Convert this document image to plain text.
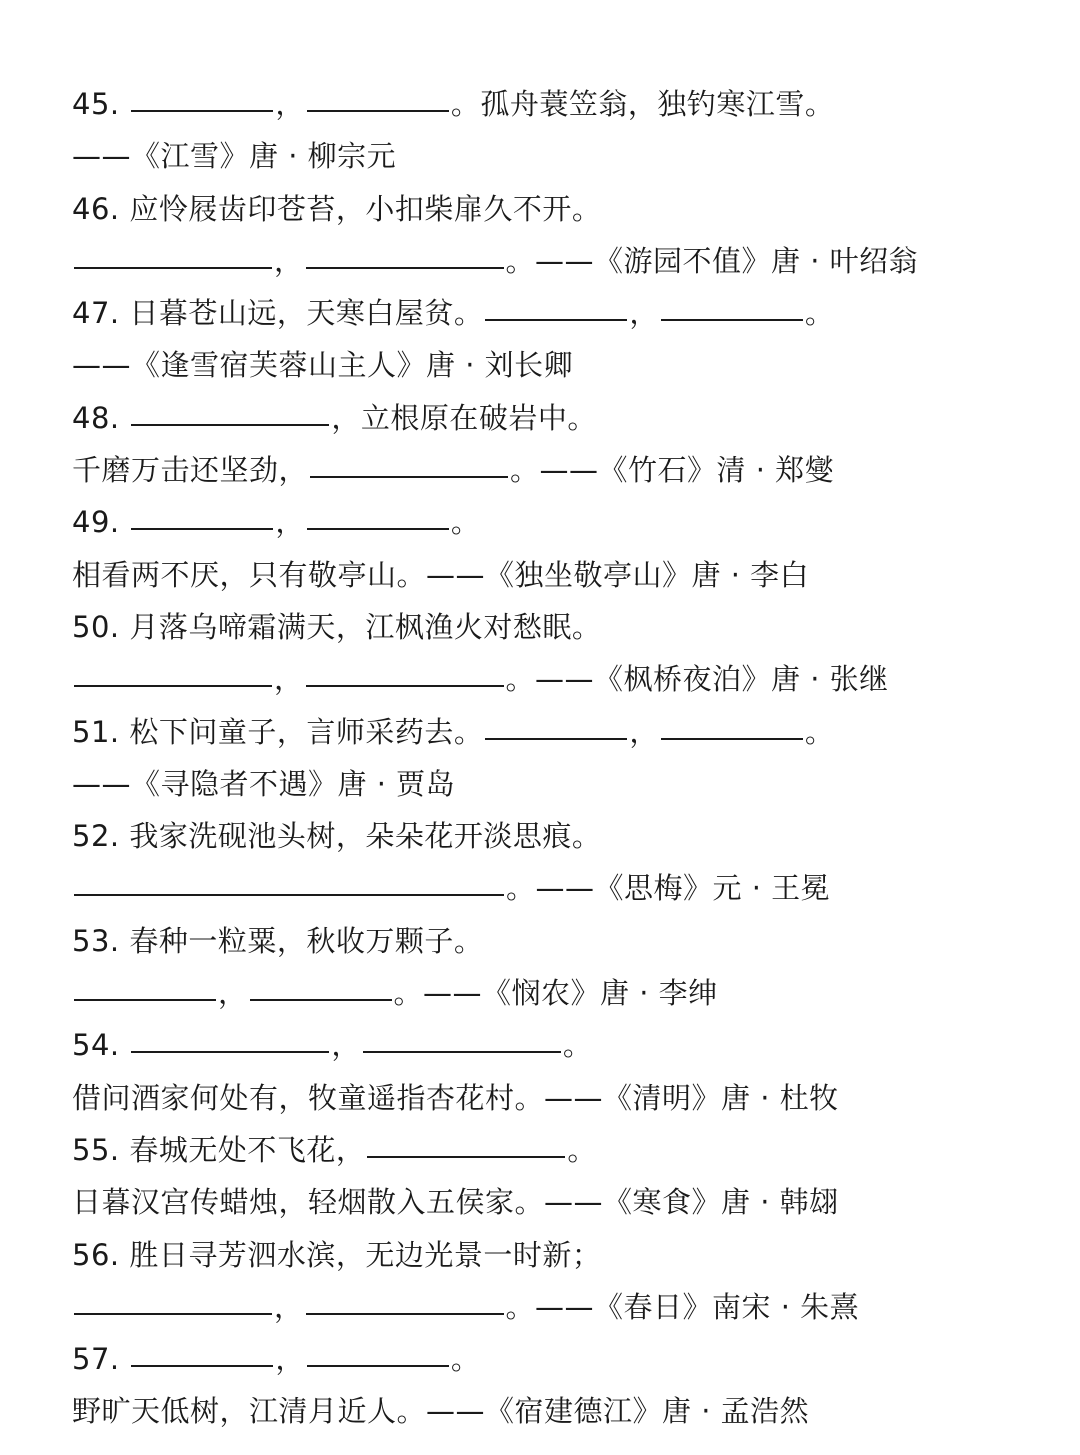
45.	，	。孤舟蓑笠翁，独钓寒江雪。
——《江雪》唐 · 柳宗元
46. 应怜屐齿印苍苔，小扣柴扉久不开。
，	。——《游园不值》唐 · 叶绍翁
47. 日暮苍山远，天寒白屋贫。	，	。
——《逢雪宿芙蓉山主人》唐 · 刘长卿
48.	，立根原在破岩中。
千磨万击还坚劲，	。——《竹石》清 · 郑燮
49.	，	。
相看两不厌，只有敬亭山。——《独坐敬亭山》唐 · 李白
50. 月落乌啼霜满天，江枫渔火对愁眠。
，	。——《枫桥夜泊》唐 · 张继
51. 松下问童子，言师采药去。	，	。
——《寻隐者不遇》唐 · 贾岛
52. 我家洗砚池头树，朵朵花开淡思痕。
。——《思梅》元 · 王冕
53. 春种一粒粟，秋收万颗子。
，	。——《悯农》唐 · 李绅
54.	，	。
借问酒家何处有，牧童遥指杏花村。——《清明》唐 · 杜牧
55. 春城无处不飞花，	。
日暮汉宫传蜡烛，轻烟散入五侯家。——《寒食》唐 · 韩翃
56. 胜日寻芳泗水滨，无边光景一时新；
，	。——《春日》南宋 · 朱熹
57.	，	。
野旷天低树，江清月近人。——《宿建德江》唐 · 孟浩然
